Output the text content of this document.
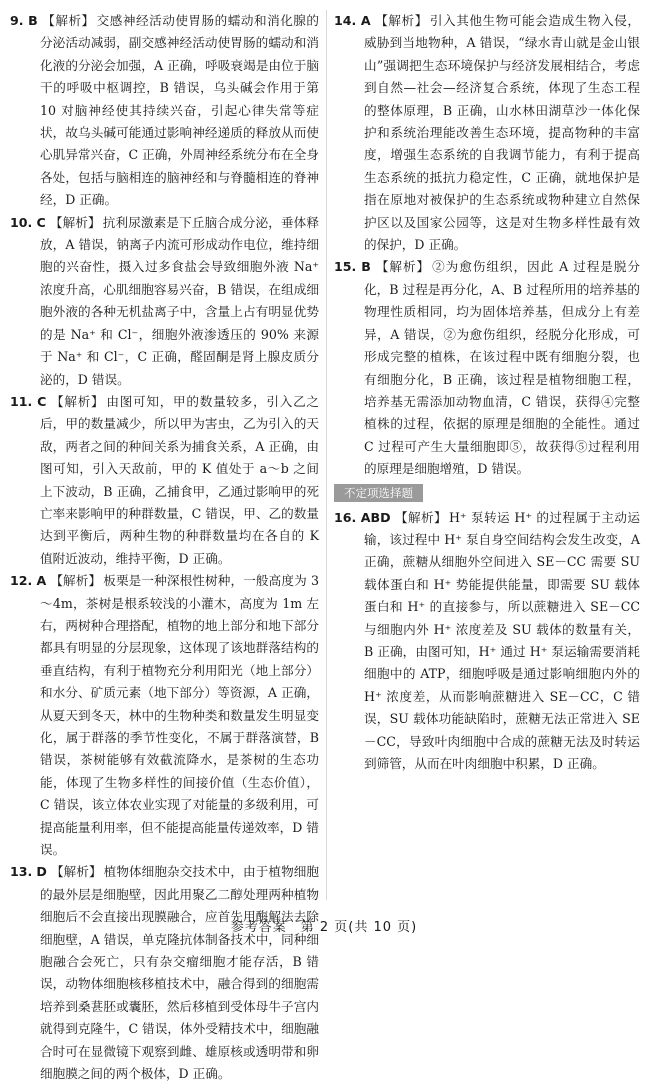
9. B 【解析】 交感神经活动使胃肠的蠕动和消化腺的分泌活动减弱，副交感神经活动使胃肠的蠕动和消化液的分泌会加强，A 正确，呼吸衰竭是由位于脑干的呼吸中枢调控，B 错误，乌头碱会作用于第 10 对脑神经使其持续兴奋，引起心律失常等症状，故乌头碱可能通过影响神经递质的释放从而使心肌异常兴奋，C 正确，外周神经系统分布在全身各处，包括与脑相连的脑神经和与脊髓相连的脊神经，D 正确。

10. C 【解析】 抗利尿激素是下丘脑合成分泌，垂体释放，A 错误，钠离子内流可形成动作电位，维持细胞的兴奋性，摄入过多食盐会导致细胞外液 Na⁺ 浓度升高，心肌细胞容易兴奋，B 错误，在组成细胞外液的各种无机盐离子中，含量上占有明显优势的是 Na⁺ 和 Cl⁻，细胞外液渗透压的 90% 来源于 Na⁺ 和 Cl⁻，C 正确，醛固酮是肾上腺皮质分泌的，D 错误。

11. C 【解析】 由图可知，甲的数量较多，引入乙之后，甲的数量减少，所以甲为害虫，乙为引入的天敌，两者之间的种间关系为捕食关系，A 正确，由图可知，引入天敌前，甲的 K 值处于 a～b 之间上下波动，B 正确，乙捕食甲，乙通过影响甲的死亡率来影响甲的种群数量，C 错误，甲、乙的数量达到平衡后，两种生物的种群数量均在各自的 K 值附近波动，维持平衡，D 正确。

12. A 【解析】 板栗是一种深根性树种，一般高度为 3～4m，茶树是根系较浅的小灌木，高度为 1m 左右，两树种合理搭配，植物的地上部分和地下部分都具有明显的分层现象，这体现了该地群落结构的垂直结构，有利于植物充分利用阳光（地上部分）和水分、矿质元素（地下部分）等资源，A 正确，从夏天到冬天，林中的生物种类和数量发生明显变化，属于群落的季节性变化，不属于群落演替，B 错误，茶树能够有效截流降水，是茶树的生态功能，体现了生物多样性的间接价值（生态价值），C 错误，该立体农业实现了对能量的多级利用，可提高能量利用率，但不能提高能量传递效率，D 错误。

13. D 【解析】 植物体细胞杂交技术中，由于植物细胞的最外层是细胞壁，因此用聚乙二醇处理两种植物细胞后不会直接出现膜融合，应首先用酶解法去除细胞壁，A 错误，单克隆抗体制备技术中，同种细胞融合会死亡，只有杂交瘤细胞才能存活，B 错误，动物体细胞核移植技术中，融合得到的细胞需培养到桑葚胚或囊胚，然后移植到受体母牛子宫内就得到克隆牛，C 错误，体外受精技术中，细胞融合时可在显微镜下观察到雌、雄原核或透明带和卵细胞膜之间的两个极体，D 正确。

14. A 【解析】 引入其他生物可能会造成生物入侵，威胁到当地物种，A 错误，“绿水青山就是金山银山”强调把生态环境保护与经济发展相结合，考虑到自然—社会—经济复合系统，体现了生态工程的整体原理，B 正确，山水林田湖草沙一体化保护和系统治理能改善生态环境，提高物种的丰富度，增强生态系统的自我调节能力，有利于提高生态系统的抵抗力稳定性，C 正确，就地保护是指在原地对被保护的生态系统或物种建立自然保护区以及国家公园等，这是对生物多样性最有效的保护，D 正确。

15. B 【解析】 ②为愈伤组织，因此 A 过程是脱分化，B 过程是再分化，A、B 过程所用的培养基的物理性质相同，均为固体培养基，但成分上有差异，A 错误，②为愈伤组织，经脱分化形成，可形成完整的植株，在该过程中既有细胞分裂，也有细胞分化，B 正确，该过程是植物细胞工程，培养基无需添加动物血清，C 错误，获得④完整植株的过程，依据的原理是细胞的全能性。通过 C 过程可产生大量细胞即⑤，故获得⑤过程利用的原理是细胞增殖，D 错误。

不定项选择题

16. ABD 【解析】 H⁺ 泵转运 H⁺ 的过程属于主动运输，该过程中 H⁺ 泵自身空间结构会发生改变，A 正确，蔗糖从细胞外空间进入 SE－CC 需要 SU 载体蛋白和 H⁺ 势能提供能量，即需要 SU 载体蛋白和 H⁺ 的直接参与，所以蔗糖进入 SE－CC 与细胞内外 H⁺ 浓度差及 SU 载体的数量有关，B 正确，由图可知，H⁺ 通过 H⁺ 泵运输需要消耗细胞中的 ATP，细胞呼吸是通过影响细胞内外的 H⁺ 浓度差，从而影响蔗糖进入 SE－CC，C 错误，SU 载体功能缺陷时，蔗糖无法正常进入 SE－CC，导致叶肉细胞中合成的蔗糖无法及时转运到筛管，从而在叶肉细胞中积累，D 正确。

参考答案　第 2 页(共 10 页)
